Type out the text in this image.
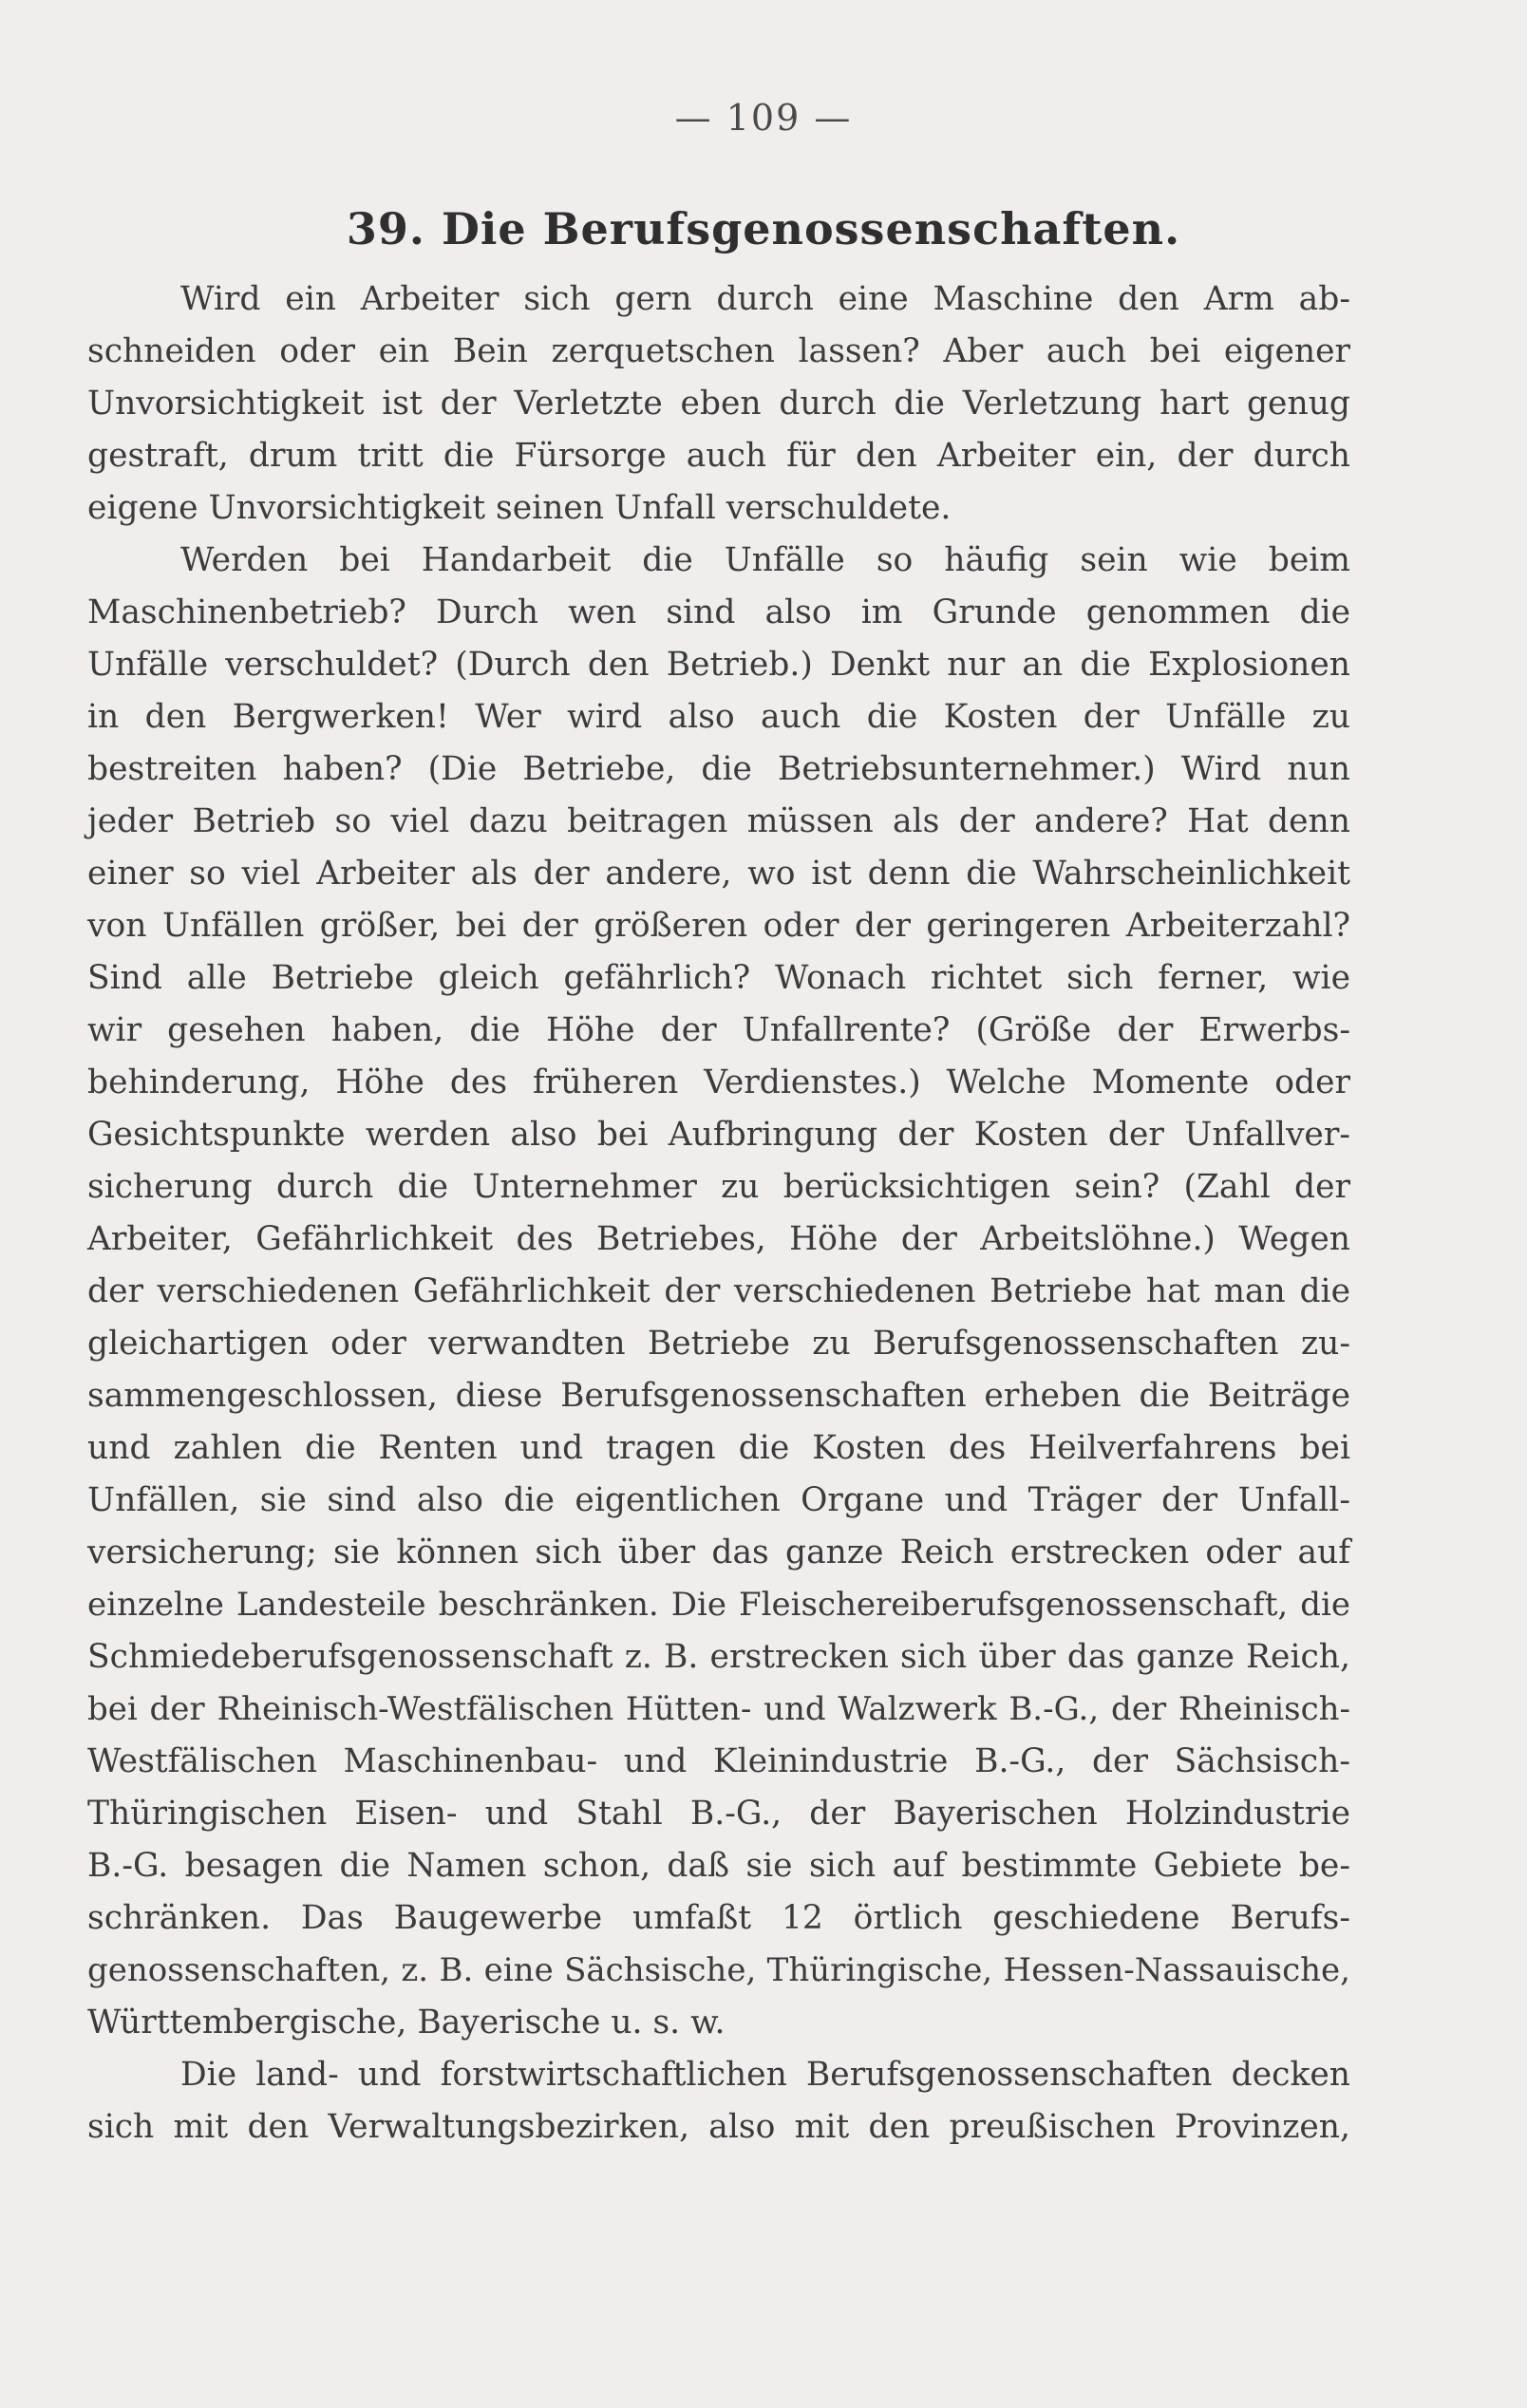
— 109 —
39. Die Berufsgenossenschaften.
Wird ein Arbeiter sich gern durch eine Maschine den Arm ab-
schneiden oder ein Bein zerquetschen lassen? Aber auch bei eigener
Unvorsichtigkeit ist der Verletzte eben durch die Verletzung hart genug
gestraft, drum tritt die Fürsorge auch für den Arbeiter ein, der durch
eigene Unvorsichtigkeit seinen Unfall verschuldete.
Werden bei Handarbeit die Unfälle so häufig sein wie beim
Maschinenbetrieb? Durch wen sind also im Grunde genommen die
Unfälle verschuldet? (Durch den Betrieb.) Denkt nur an die Explosionen
in den Bergwerken! Wer wird also auch die Kosten der Unfälle zu
bestreiten haben? (Die Betriebe, die Betriebsunternehmer.) Wird nun
jeder Betrieb so viel dazu beitragen müssen als der andere? Hat denn
einer so viel Arbeiter als der andere, wo ist denn die Wahrscheinlichkeit
von Unfällen größer, bei der größeren oder der geringeren Arbeiterzahl?
Sind alle Betriebe gleich gefährlich? Wonach richtet sich ferner, wie
wir gesehen haben, die Höhe der Unfallrente? (Größe der Erwerbs-
behinderung, Höhe des früheren Verdienstes.) Welche Momente oder
Gesichtspunkte werden also bei Aufbringung der Kosten der Unfallver-
sicherung durch die Unternehmer zu berücksichtigen sein? (Zahl der
Arbeiter, Gefährlichkeit des Betriebes, Höhe der Arbeitslöhne.) Wegen
der verschiedenen Gefährlichkeit der verschiedenen Betriebe hat man die
gleichartigen oder verwandten Betriebe zu Berufsgenossenschaften zu-
sammengeschlossen, diese Berufsgenossenschaften erheben die Beiträge
und zahlen die Renten und tragen die Kosten des Heilverfahrens bei
Unfällen, sie sind also die eigentlichen Organe und Träger der Unfall-
versicherung; sie können sich über das ganze Reich erstrecken oder auf
einzelne Landesteile beschränken. Die Fleischereiberufsgenossenschaft, die
Schmiedeberufsgenossenschaft z. B. erstrecken sich über das ganze Reich,
bei der Rheinisch-Westfälischen Hütten- und Walzwerk B.-G., der Rheinisch-
Westfälischen Maschinenbau- und Kleinindustrie B.-G., der Sächsisch-
Thüringischen Eisen- und Stahl B.-G., der Bayerischen Holzindustrie
B.-G. besagen die Namen schon, daß sie sich auf bestimmte Gebiete be-
schränken. Das Baugewerbe umfaßt 12 örtlich geschiedene Berufs-
genossenschaften, z. B. eine Sächsische, Thüringische, Hessen-Nassauische,
Württembergische, Bayerische u. s. w.
Die land- und forstwirtschaftlichen Berufsgenossenschaften decken
sich mit den Verwaltungsbezirken, also mit den preußischen Provinzen,
